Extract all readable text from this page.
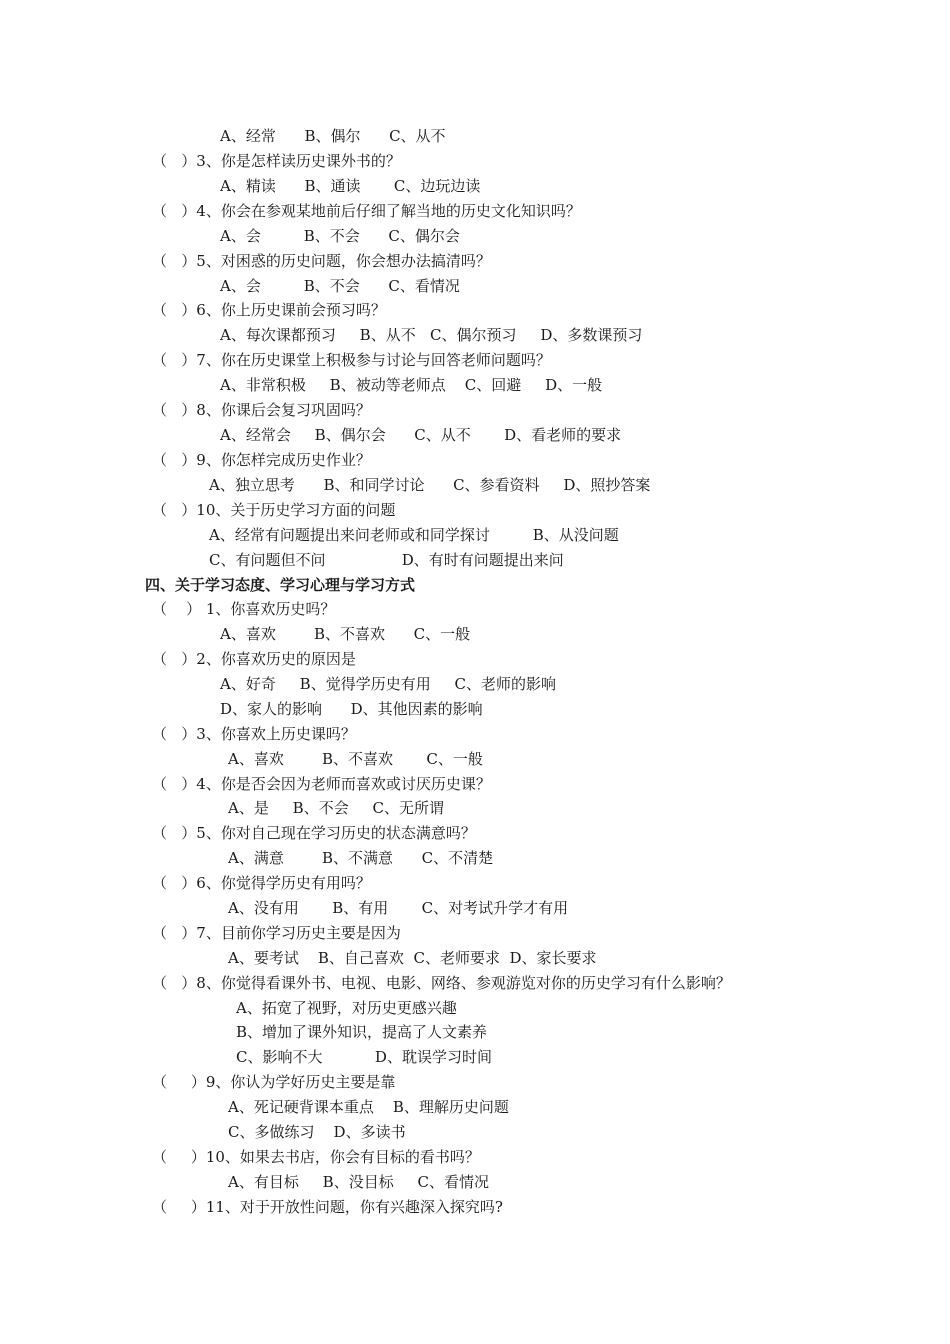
A、经常      B、偶尔      C、从不
（   ）3、你是怎样读历史课外书的？
A、精读      B、通读       C、边玩边读
（   ）4、你会在参观某地前后仔细了解当地的历史文化知识吗？
A、会         B、不会      C、偶尔会
（   ）5、对困惑的历史问题，你会想办法搞清吗？
A、会         B、不会      C、看情况
（   ）6、你上历史课前会预习吗？
A、每次课都预习     B、从不   C、偶尔预习     D、多数课预习
（   ）7、你在历史课堂上积极参与讨论与回答老师问题吗？
A、非常积极     B、被动等老师点    C、回避     D、一般
（   ）8、你课后会复习巩固吗？
A、经常会     B、偶尔会      C、从不       D、看老师的要求
（   ）9、你怎样完成历史作业？
A、独立思考      B、和同学讨论      C、参看资料     D、照抄答案
（   ）10、关于历史学习方面的问题
A、经常有问题提出来问老师或和同学探讨         B、从没问题
C、有问题但不问                D、有时有问题提出来问
四、关于学习态度、学习心理与学习方式
（    ） 1、你喜欢历史吗？
A、喜欢        B、不喜欢      C、一般
（   ）2、你喜欢历史的原因是
A、好奇     B、觉得学历史有用     C、老师的影响
D、家人的影响      D、其他因素的影响
（   ）3、你喜欢上历史课吗？
A、喜欢        B、不喜欢       C、一般
（   ）4、你是否会因为老师而喜欢或讨厌历史课？
A、是     B、不会     C、无所谓
（   ）5、你对自己现在学习历史的状态满意吗？
A、满意        B、不满意      C、不清楚
（   ）6、你觉得学历史有用吗？
A、没有用       B、有用       C、对考试升学才有用
（   ）7、目前你学习历史主要是因为
A、要考试    B、自己喜欢  C、老师要求  D、家长要求
（   ）8、你觉得看课外书、电视、电影、网络、参观游览对你的历史学习有什么影响？
A、拓宽了视野，对历史更感兴趣
B、增加了课外知识，提高了人文素养
C、影响不大           D、耽误学习时间
（     ）9、你认为学好历史主要是靠
A、死记硬背课本重点    B、理解历史问题
C、多做练习    D、多读书
（     ）10、如果去书店，你会有目标的看书吗？
A、有目标     B、没目标     C、看情况
（     ）11、对于开放性问题，你有兴趣深入探究吗?
